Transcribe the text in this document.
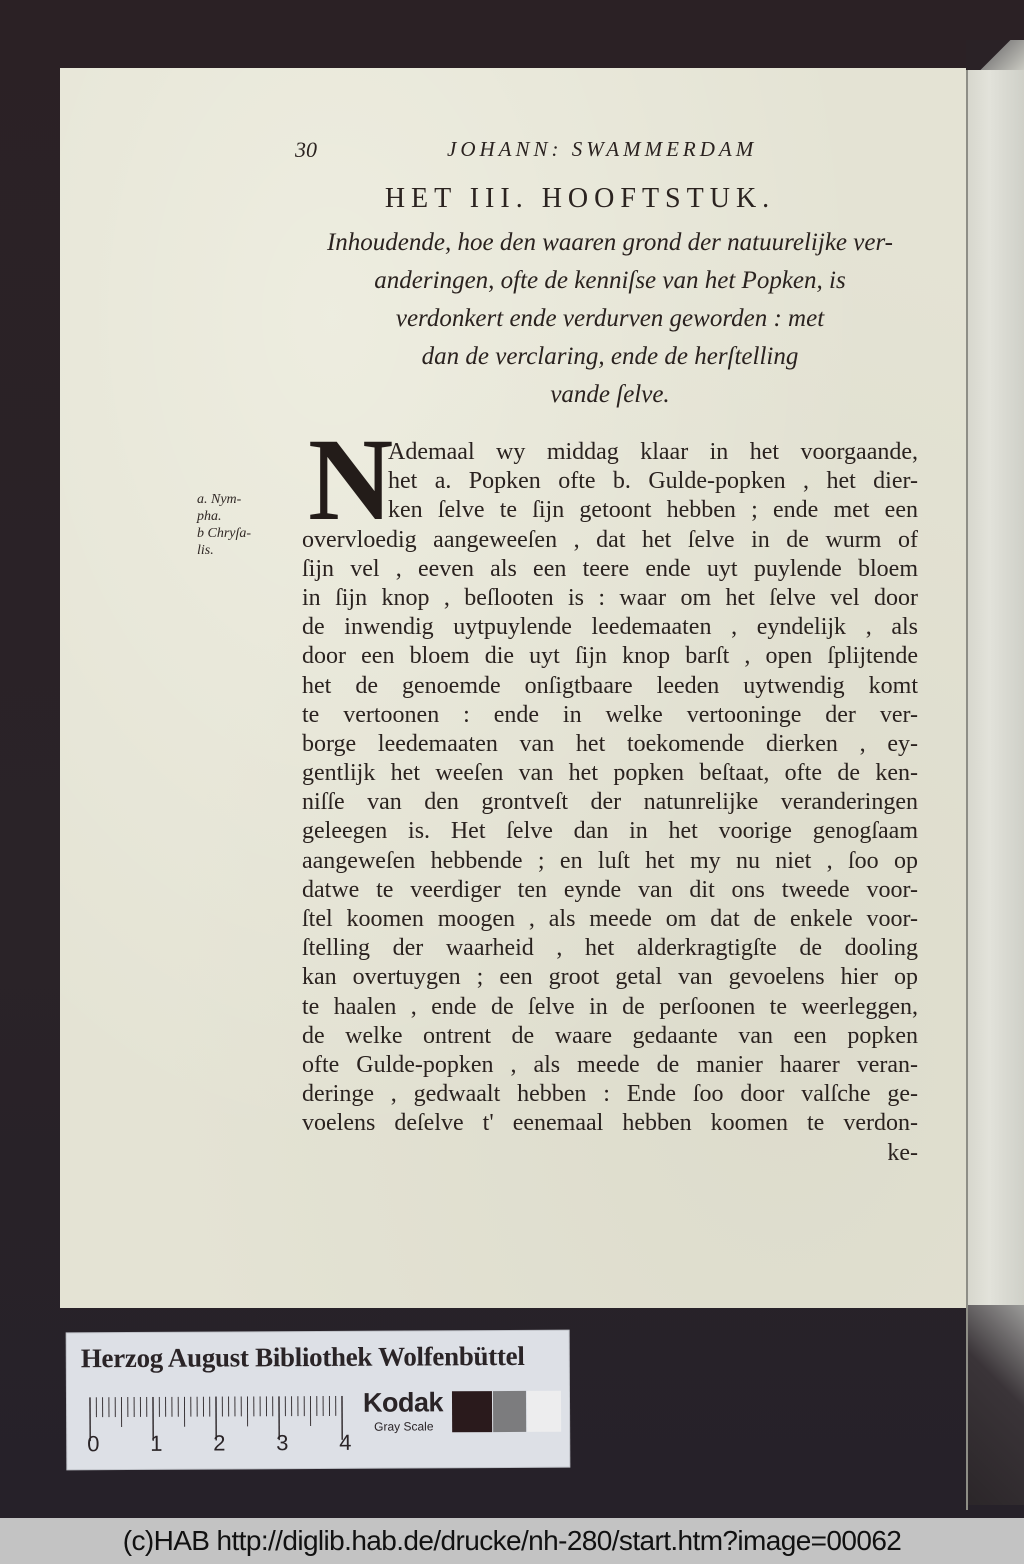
30	JOHANN: SWAMMERDAM
HET III. HOOFTSTUK.
Inhoudende, hoe den waaren grond der natuurelijke ver-
anderingen, ofte de kenniſse van het Popken, is
verdonkert ende verdurven geworden : met
dan de verclaring, ende de herſtelling
vande ſelve.
N
a. Nym-
pha.
b Chryſa-
lis.
Ademaal wy middag klaar in het voorgaande,
het a. Popken ofte b. Gulde-popken , het dier-
ken ſelve te ſijn getoont hebben ; ende met een
overvloedig aangeweeſen , dat het ſelve in de wurm of
ſijn vel , eeven als een teere ende uyt puylende bloem
in ſijn knop , beſlooten is : waar om het ſelve vel door
de inwendig uytpuylende leedemaaten , eyndelijk , als
door een bloem die uyt ſijn knop barſt , open ſplijtende
het de genoemde onſigtbaare leeden uytwendig komt
te vertoonen : ende in welke vertooninge der ver-
borge leedemaaten van het toekomende dierken , ey-
gentlijk het weeſen van het popken beſtaat, ofte de ken-
niſſe van den grontveſt der natunrelijke veranderingen
geleegen is. Het ſelve dan in het voorige genogſaam
aangeweſen hebbende ; en luſt het my nu niet , ſoo op
datwe te veerdiger ten eynde van dit ons tweede voor-
ſtel koomen moogen , als meede om dat de enkele voor-
ſtelling der waarheid , het alderkragtigſte de dooling
kan overtuygen ; een groot getal van gevoelens hier op
te haalen , ende de ſelve in de perſoonen te weerleggen,
de welke ontrent de waare gedaante van een popken
ofte Gulde-popken , als meede de manier haarer veran-
deringe , gedwaalt hebben : Ende ſoo door valſche ge-
voelens deſelve t' eenemaal hebben koomen te verdon-
ke-
Herzog August Bibliothek Wolfenbüttel
0 1 2 3 4
Kodak
Gray Scale
(c)HAB http://diglib.hab.de/drucke/nh-280/start.htm?image=00062
